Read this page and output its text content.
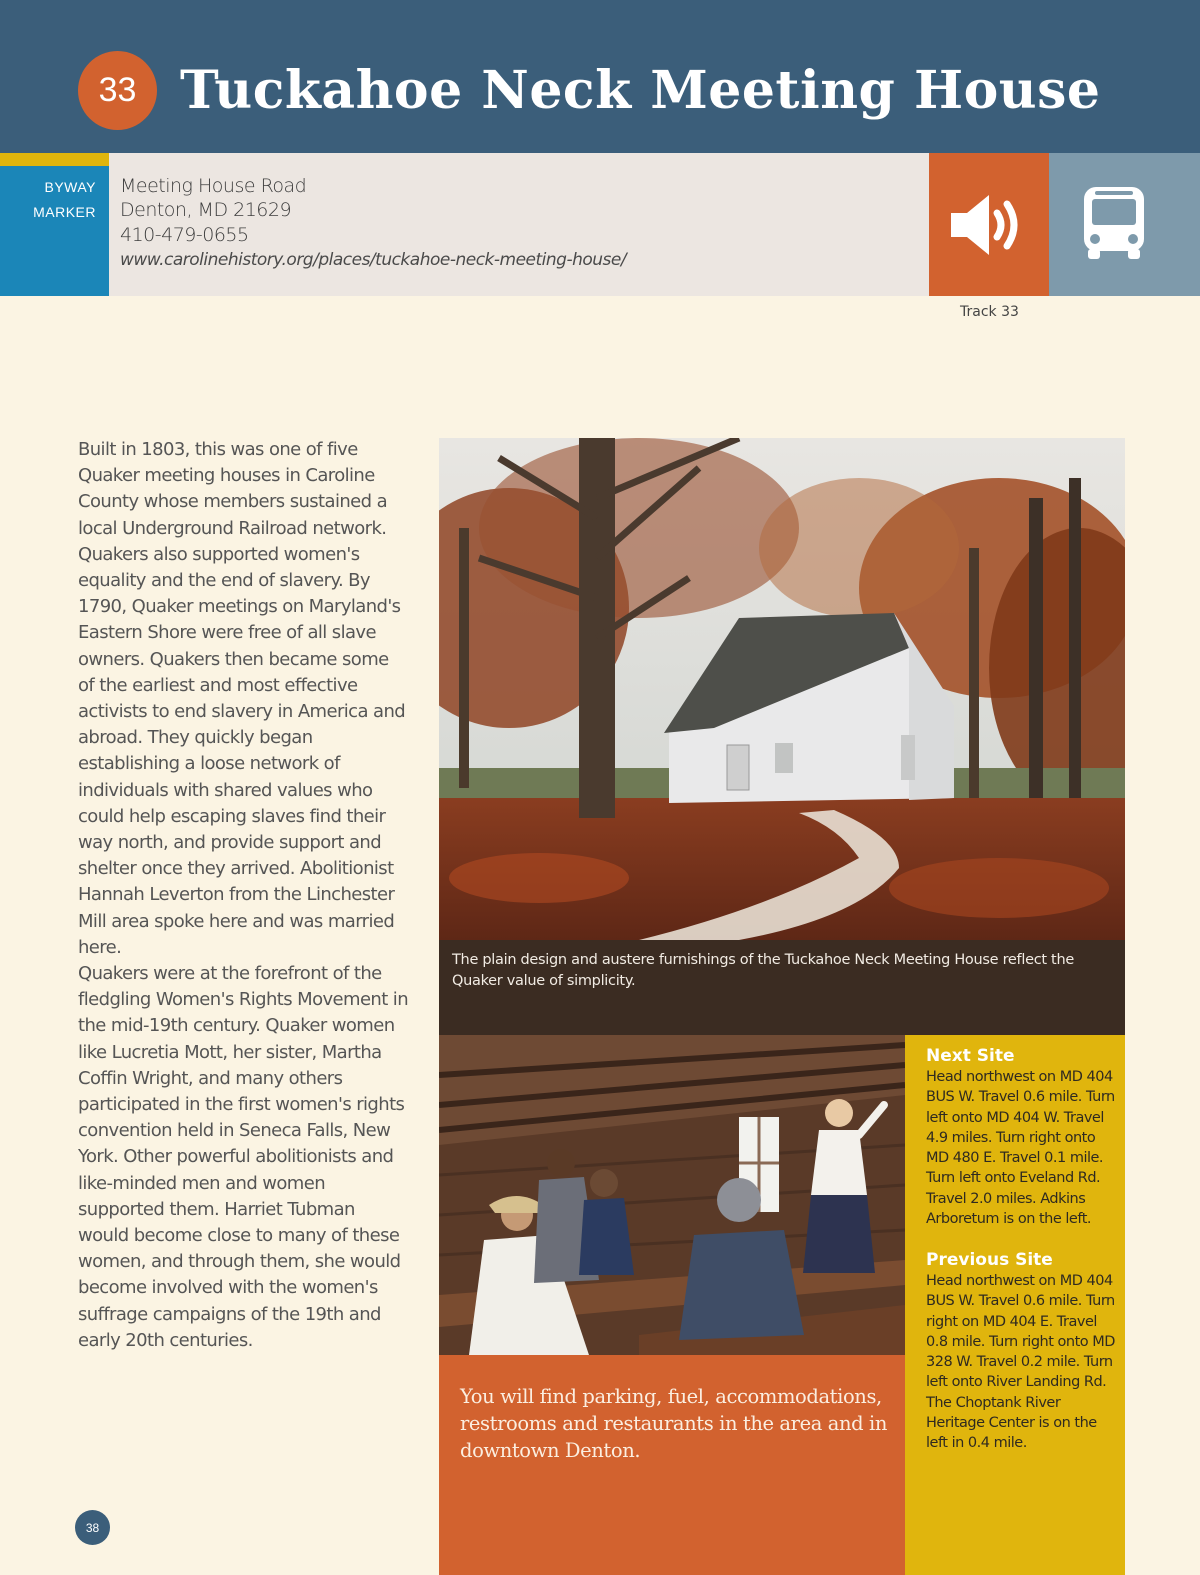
33 Tuckahoe Neck Meeting House
BYWAY
MARKER
Meeting House Road
Denton, MD 21629
410-479-0655
www.carolinehistory.org/places/tuckahoe-neck-meeting-house/
Track 33

Built in 1803, this was one of five Quaker meeting houses in Caroline County whose members sustained a local Underground Railroad network. Quakers also supported women's equality and the end of slavery. By 1790, Quaker meetings on Maryland's Eastern Shore were free of all slave owners. Quakers then became some of the earliest and most effective activists to end slavery in America and abroad. They quickly began establishing a loose network of individuals with shared values who could help escaping slaves find their way north, and provide support and shelter once they arrived. Abolitionist Hannah Leverton from the Linchester Mill area spoke here and was married here.

Quakers were at the forefront of the fledgling Women's Rights Movement in the mid-19th century. Quaker women like Lucretia Mott, her sister, Martha Coffin Wright, and many others participated in the first women's rights convention held in Seneca Falls, New York. Other powerful abolitionists and like-minded men and women supported them. Harriet Tubman would become close to many of these women, and through them, she would become involved with the women's suffrage campaigns of the 19th and early 20th centuries.

The plain design and austere furnishings of the Tuckahoe Neck Meeting House reflect the Quaker value of simplicity.

You will find parking, fuel, accommodations, restrooms and restaurants in the area and in downtown Denton.

Next Site

Head northwest on MD 404 BUS W. Travel 0.6 mile. Turn left onto MD 404 W. Travel 4.9 miles. Turn right onto MD 480 E. Travel 0.1 mile. Turn left onto Eveland Rd. Travel 2.0 miles. Adkins Arboretum is on the left.

Previous Site

Head northwest on MD 404 BUS W. Travel 0.6 mile. Turn right on MD 404 E. Travel 0.8 mile. Turn right onto MD 328 W. Travel 0.2 mile. Turn left onto River Landing Rd. The Choptank River Heritage Center is on the left in 0.4 mile.

38
